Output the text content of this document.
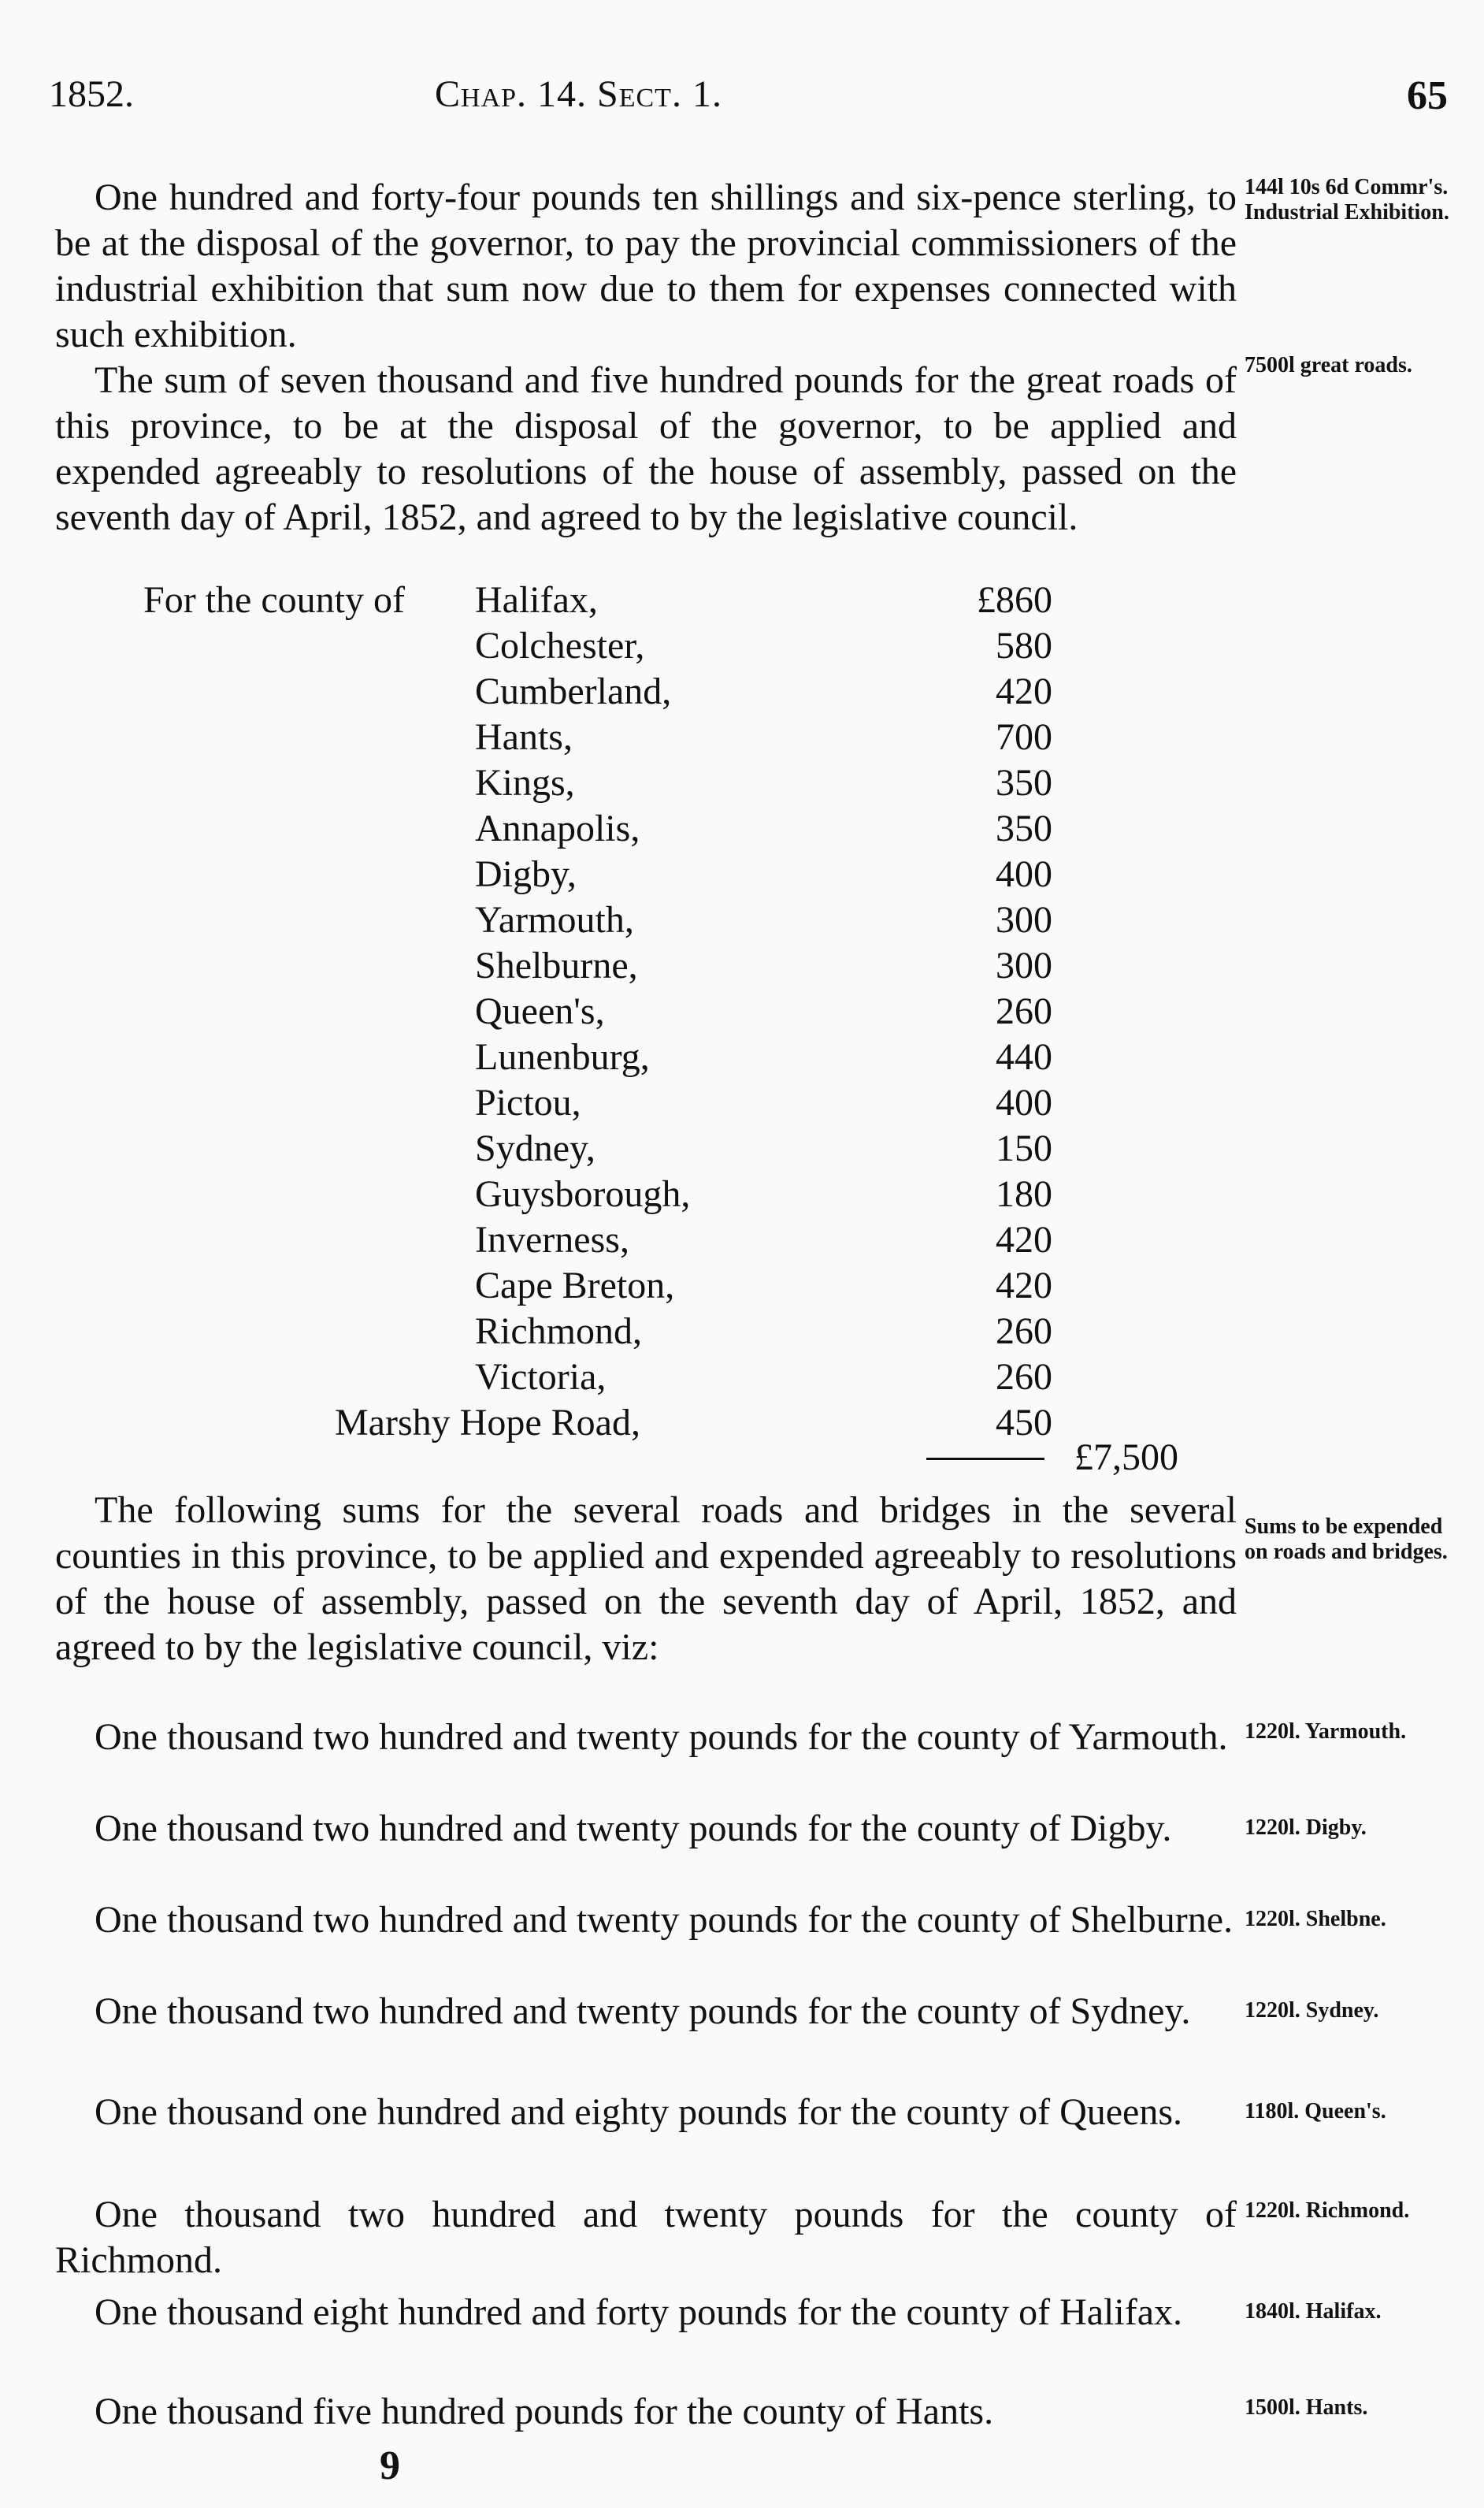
1852.	Chap. 14. Sect. 1.	65
One hundred and forty-four pounds ten shillings and six-pence sterling, to be at the disposal of the governor, to pay the provincial commissioners of the industrial exhibition that sum now due to them for expenses connected with such exhibition.
144l 10s 6d Commr's. Industrial Exhibition.
The sum of seven thousand and five hundred pounds for the great roads of this province, to be at the disposal of the governor, to be applied and expended agreeably to resolutions of the house of assembly, passed on the seventh day of April, 1852, and agreed to by the legislative council.
7500l great roads.
For the county of Halifax,	£860
Colchester,	580
Cumberland,	420
Hants,	700
Kings,	350
Annapolis,	350
Digby,	400
Yarmouth,	300
Shelburne,	300
Queen's,	260
Lunenburg,	440
Pictou,	400
Sydney,	150
Guysborough,	180
Inverness,	420
Cape Breton,	420
Richmond,	260
Victoria,	260
Marshy Hope Road,	450
£7,500
The following sums for the several roads and bridges in the several counties in this province, to be applied and expended agreeably to resolutions of the house of assembly, passed on the seventh day of April, 1852, and agreed to by the legislative council, viz:
Sums to be expended on roads and bridges.
One thousand two hundred and twenty pounds for the county of Yarmouth. 1220l. Yarmouth.
One thousand two hundred and twenty pounds for the county of Digby.	1220l. Digby.
One thousand two hundred and twenty pounds for the county of Shelburne. 1220l. Shelbne.
One thousand two hundred and twenty pounds for the county of Sydney.	1220l. Sydney.
One thousand one hundred and eighty pounds for the county of Queens.	1180l. Queen's.
One thousand two hundred and twenty pounds for the county of Richmond.
1220l. Richmond.
One thousand eight hundred and forty pounds for the county of Halifax.	1840l. Halifax.
One thousand five hundred pounds for the county of Hants.	1500l. Hants.
9
